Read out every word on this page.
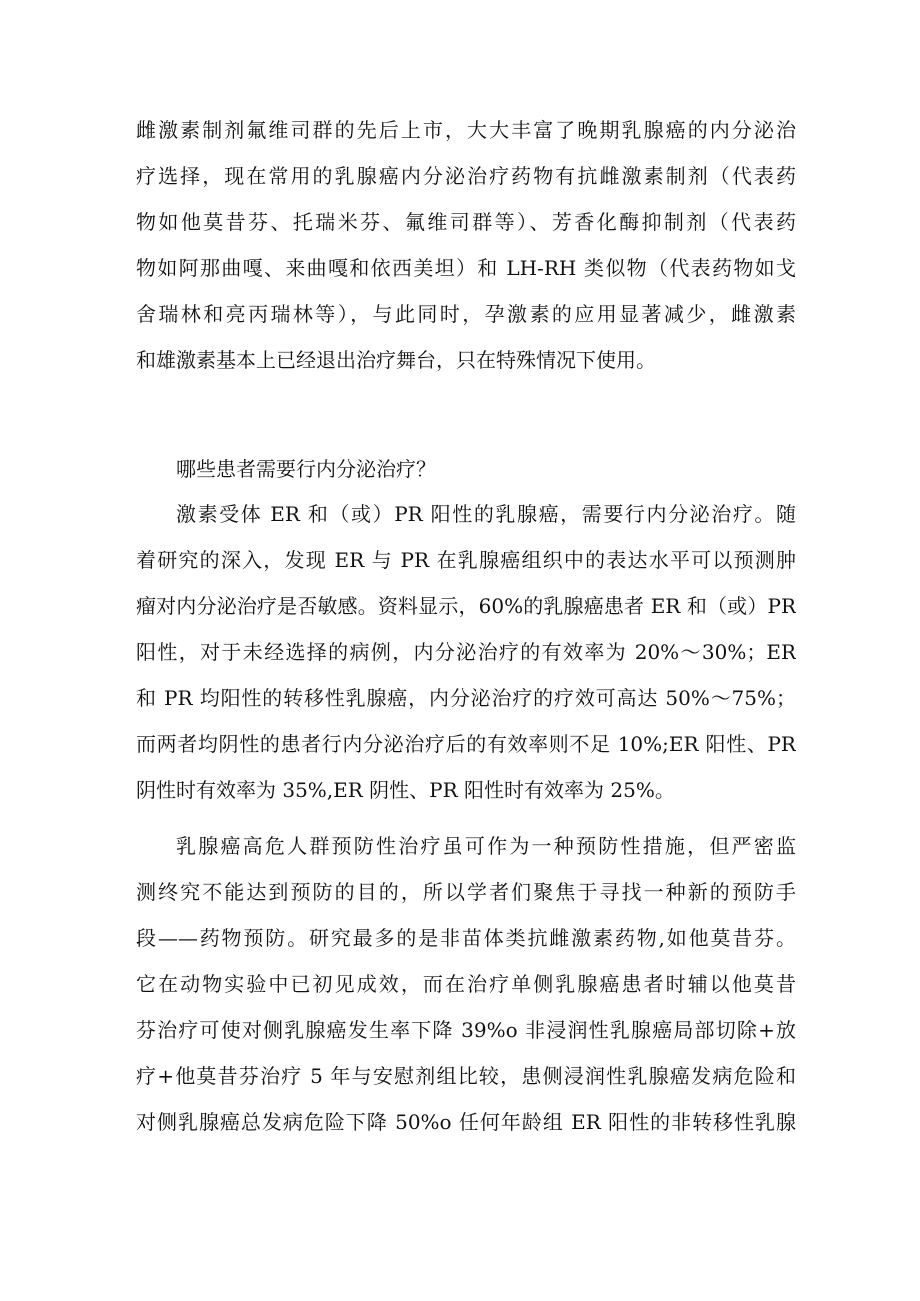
雌激素制剂氟维司群的先后上市，大大丰富了晚期乳腺癌的内分泌治
疗选择，现在常用的乳腺癌内分泌治疗药物有抗雌激素制剂（代表药
物如他莫昔芬、托瑞米芬、氟维司群等）、芳香化酶抑制剂（代表药
物如阿那曲嘎、来曲嘎和依西美坦）和 LH-RH 类似物（代表药物如戈
舍瑞林和亮丙瑞林等），与此同时，孕激素的应用显著减少，雌激素
和雄激素基本上已经退出治疗舞台，只在特殊情况下使用。
哪些患者需要行内分泌治疗？
激素受体 ER 和（或）PR 阳性的乳腺癌，需要行内分泌治疗。随
着研究的深入，发现 ER 与 PR 在乳腺癌组织中的表达水平可以预测肿
瘤对内分泌治疗是否敏感。资料显示，60%的乳腺癌患者 ER 和（或）PR
阳性，对于未经选择的病例，内分泌治疗的有效率为 20%～30%；ER
和 PR 均阳性的转移性乳腺癌，内分泌治疗的疗效可高达 50%～75%；
而两者均阴性的患者行内分泌治疗后的有效率则不足 10%;ER 阳性、PR
阴性时有效率为 35%,ER 阴性、PR 阳性时有效率为 25%。
乳腺癌高危人群预防性治疗虽可作为一种预防性措施，但严密监
测终究不能达到预防的目的，所以学者们聚焦于寻找一种新的预防手
段——药物预防。研究最多的是非苗体类抗雌激素药物,如他莫昔芬。
它在动物实验中已初见成效，而在治疗单侧乳腺癌患者时辅以他莫昔
芬治疗可使对侧乳腺癌发生率下降 39%o 非浸润性乳腺癌局部切除+放
疗+他莫昔芬治疗 5 年与安慰剂组比较，患侧浸润性乳腺癌发病危险和
对侧乳腺癌总发病危险下降 50%o 任何年龄组 ER 阳性的非转移性乳腺
